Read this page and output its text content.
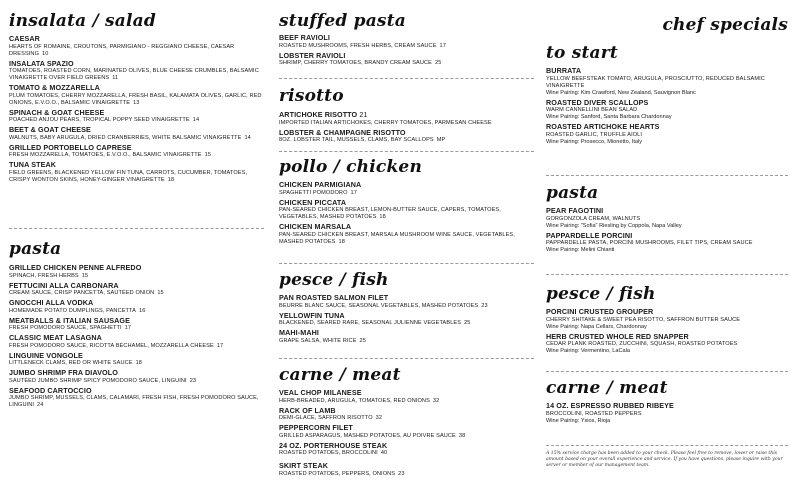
insalata / salad
CAESAR
HEARTS OF ROMAINE, CROUTONS, PARMIGIANO - REGGIANO CHEESE, CAESAR DRESSING 10
INSALATA SPAZIO
TOMATOES, ROASTED CORN, MARINATED OLIVES, BLUE CHEESE CRUMBLES, BALSAMIC VINAIGRETTE OVER FIELD GREENS 11
TOMATO & MOZZARELLA
PLUM TOMATOES, CHERRY MOZZARELLA, FRESH BASIL, KALAMATA OLIVES, GARLIC, RED ONIONS, E.V.O.O., BALSAMIC VINAIGRETTE 13
SPINACH & GOAT CHEESE
POACHED ANJOU PEARS, TROPICAL POPPY SEED VINAIGRETTE 14
BEET & GOAT CHEESE
WALNUTS, BABY ARUGULA, DRIED CRANBERRIES, WHITE BALSAMIC VINAIGRETTE 14
GRILLED PORTOBELLO CAPRESE
FRESH MOZZARELLA, TOMATOES, E.V.O.O., BALSAMIC VINAIGRETTE 15
TUNA STEAK
FIELD GREENS, BLACKENED YELLOW FIN TUNA, CARROTS, CUCUMBER, TOMATOES, CRISPY WONTON SKINS, HONEY-GINGER VINAIGRETTE 18
pasta
GRILLED CHICKEN PENNE ALFREDO
SPINACH, FRESH HERBS 15
FETTUCINI ALLA CARBONARA
CREAM SAUCE, CRISP PANCETTA, SAUTÉED ONION 15
GNOCCHI ALLA VODKA
HOMEMADE POTATO DUMPLINGS, PANCETTA 16
MEATBALLS & ITALIAN SAUSAGE
FRESH POMODORO SAUCE, SPAGHETTI 17
CLASSIC MEAT LASAGNA
FRESH POMODORO SAUCE, RICOTTA BÉCHAMEL, MOZZARELLA CHEESE 17
LINGUINE VONGOLE
LITTLENECK CLAMS, RED OR WHITE SAUCE 18
JUMBO SHRIMP FRA DIAVOLO
SAUTÉED JUMBO SHRIMP SPICY POMODORO SAUCE, LINGUINI 23
SEAFOOD CARTOCCIO
JUMBO SHRIMP, MUSSELS, CLAMS, CALAMARI, FRESH FISH, FRESH POMODORO SAUCE, LINGUINI 24
stuffed pasta
BEEF RAVIOLI
ROASTED MUSHROOMS, FRESH HERBS, CREAM SAUCE 17
LOBSTER RAVIOLI
SHRIMP, CHERRY TOMATOES, BRANDY CREAM SAUCE 25
risotto
ARTICHOKE RISOTTO 21
IMPORTED ITALIAN ARTICHOKES, CHERRY TOMATOES, PARMESAN CHEESE
LOBSTER & CHAMPAGNE RISOTTO
8OZ. LOBSTER TAIL, MUSSELS, CLAMS, BAY SCALLOPS MP
pollo / chicken
CHICKEN PARMIGIANA
SPAGHETTI POMODORO 17
CHICKEN PICCATA
PAN-SEARED CHICKEN BREAST, LEMON-BUTTER SAUCE, CAPERS, TOMATOES, VEGETABLES, MASHED POTATOES 18
CHICKEN MARSALA
PAN-SEARED CHICKEN BREAST, MARSALA MUSHROOM WINE SAUCE, VEGETABLES, MASHED POTATOES 18
pesce / fish
PAN ROASTED SALMON FILET
BEURRE BLANC SAUCE, SEASONAL VEGETABLES, MASHED POTATOES 23
YELLOWFIN TUNA
BLACKENED, SEARED RARE, SEASONAL JULIENNE VEGETABLES 25
MAHI-MAHI
GRAPE SALSA, WHITE RICE 25
carne / meat
VEAL CHOP MILANESE
HERB-BREADED, ARUGULA, TOMATOES, RED ONIONS 32
RACK OF LAMB
DEMI-GLACE, SAFFRON RISOTTO 32
PEPPERCORN FILET
GRILLED ASPARAGUS, MASHED POTATOES, AU POIVRE SAUCE 38
24 OZ. PORTERHOUSE STEAK
ROASTED POTATOES, BROCCOLINI 40
SKIRT STEAK
ROASTED POTATOES, PEPPERS, ONIONS 23
chef specials
to start
BURRATA
YELLOW BEEFSTEAK TOMATO, ARUGULA, PROSCIUTTO, REDUCED BALSAMIC VINAIGRETTE
Wine Pairing: Kim Crawford, New Zealand, Sauvignon Blanc
ROASTED DIVER SCALLOPS
WARM CANNELLINI BEAN SALAD
Wine Pairing: Sanford, Santa Barbara Chardonnay
ROASTED ARTICHOKE HEARTS
ROASTED GARLIC, TRUFFLE AIOLI
Wine Pairing: Prosecco, Mionetto, Italy
pasta
PEAR FAGOTINI
GORGONZOLA CREAM, WALNUTS
Wine Pairing: "Sofia" Riesling by Coppola, Napa Valley
PAPPARDELLE PORCINI
PAPPARDELLE PASTA, PORCINI MUSHROOMS, FILET TIPS, CREAM SAUCE
Wine Pairing: Melini Chianti
pesce / fish
PORCINI CRUSTED GROUPER
CHERRY SHITAKE & SWEET PEA RISOTTO, SAFFRON BUTTER SAUCE
Wine Pairing: Napa Cellars, Chardonnay
HERB CRUSTED WHOLE RED SNAPPER
CEDAR PLANK ROASTED, ZUCCHINI, SQUASH, ROASTED POTATOES
Wine Pairing: Vermentino, LaCala
carne / meat
14 OZ. ESPRESSO RUBBED RIBEYE
BROCCOLINI, ROASTED PEPPERS
Wine Pairing: Ysios, Rioja
A 15% service charge has been added to your check. Please feel free to remove, lower or raise this amount based on your overall experience and service. If you have questions, please inquire with your server or member of our management team.
